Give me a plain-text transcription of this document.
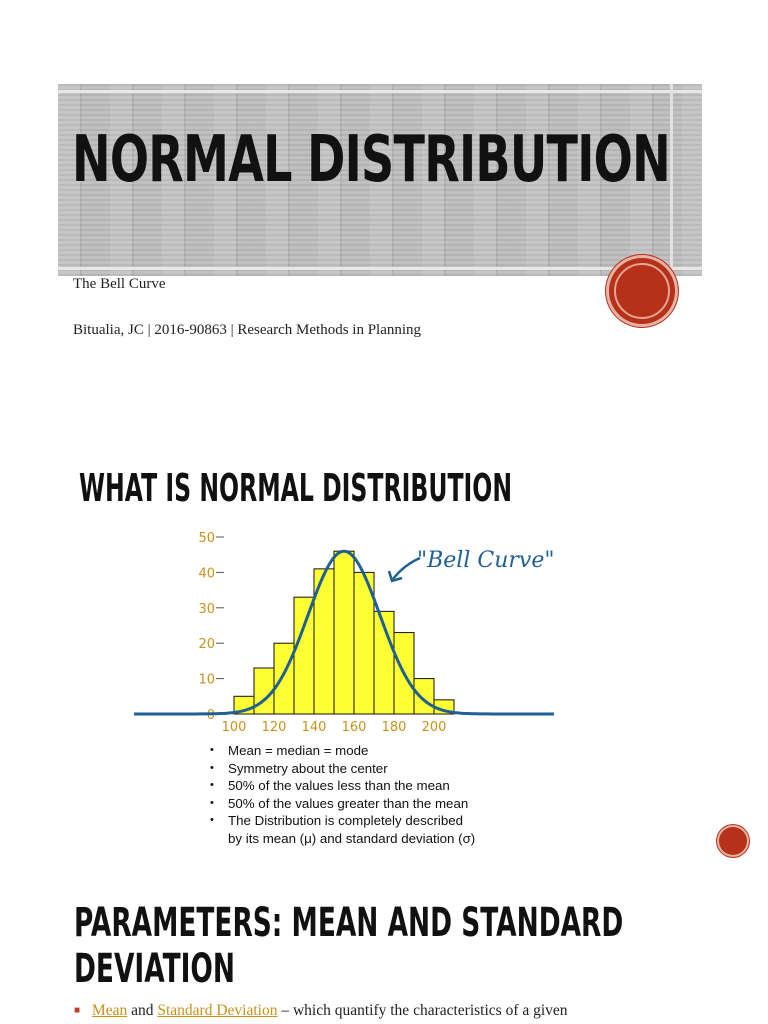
NORMAL DISTRIBUTION
The Bell Curve
Bitualia, JC | 2016-90863 | Research Methods in Planning
WHAT IS NORMAL DISTRIBUTION
0
10
20
30
40
50
100 120 140 160 180 200
"Bell Curve"
• Mean = median = mode
• Symmetry about the center
• 50% of the values less than the mean
• 50% of the values greater than the mean
• The Distribution is completely described
by its mean (μ) and standard deviation (σ)
PARAMETERS: MEAN AND STANDARD
DEVIATION
■ Mean and Standard Deviation – which quantify the characteristics of a given
